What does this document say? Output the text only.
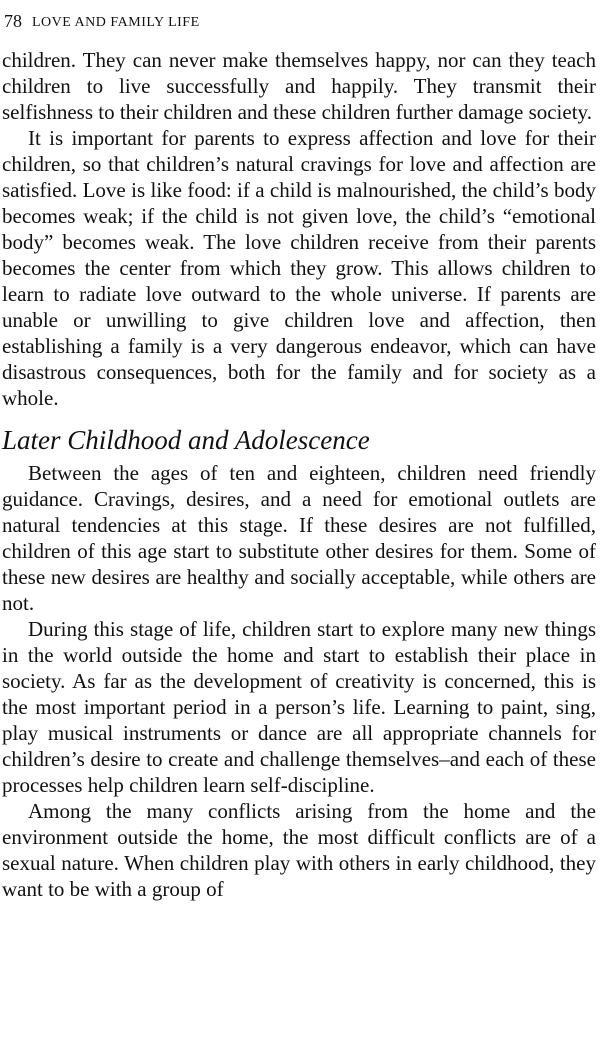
78 LOVE AND FAMILY LIFE

children. They can never make themselves happy, nor can they teach children to live successfully and happily. They transmit their selfishness to their children and these children further damage society.

It is important for parents to express affection and love for their children, so that children’s natural cravings for love and affection are satisfied. Love is like food: if a child is malnourished, the child’s body becomes weak; if the child is not given love, the child’s “emotional body” becomes weak. The love children receive from their parents becomes the center from which they grow. This allows children to learn to radiate love outward to the whole universe. If parents are unable or unwilling to give children love and affection, then establishing a family is a very dangerous endeavor, which can have disastrous consequences, both for the family and for society as a whole.

Later Childhood and Adolescence

Between the ages of ten and eighteen, children need friendly guidance. Cravings, desires, and a need for emotional outlets are natural tendencies at this stage. If these desires are not fulfilled, children of this age start to substitute other desires for them. Some of these new desires are healthy and socially acceptable, while others are not.

During this stage of life, children start to explore many new things in the world outside the home and start to establish their place in society. As far as the development of creativity is concerned, this is the most important period in a person’s life. Learning to paint, sing, play musical instruments or dance are all appropriate channels for children’s desire to create and challenge themselves–and each of these processes help children learn self-discipline.

Among the many conflicts arising from the home and the environment outside the home, the most difficult conflicts are of a sexual nature. When children play with others in early childhood, they want to be with a group of
